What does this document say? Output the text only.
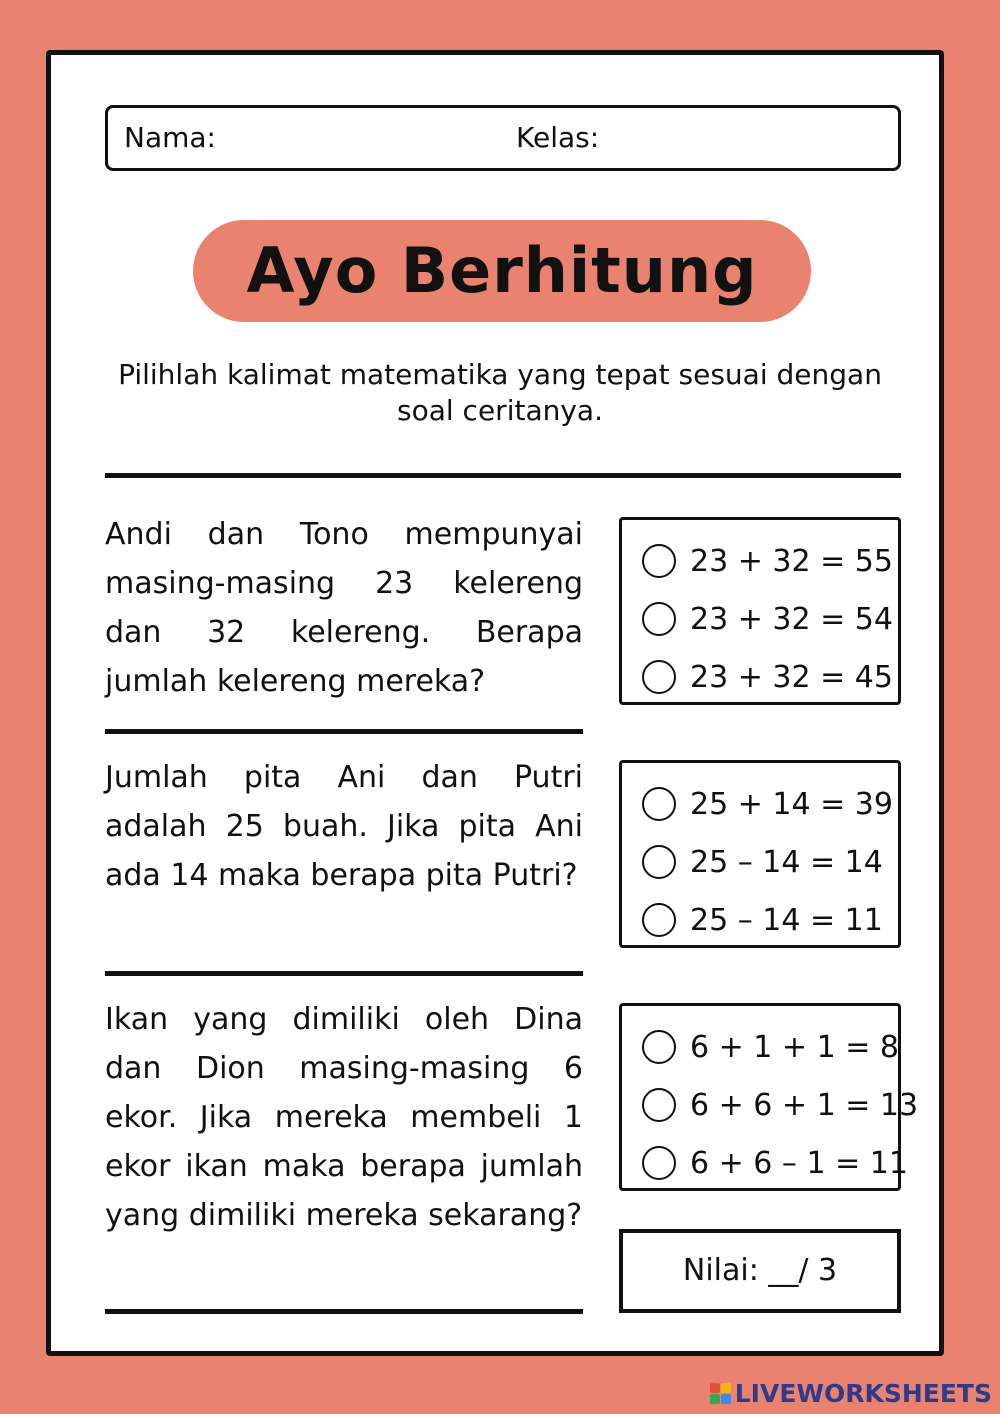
Nama:	Kelas:
Ayo Berhitung
Pilihlah kalimat matematika yang tepat sesuai dengan soal ceritanya.
Andi dan Tono mempunyai masing-masing 23 kelereng dan 32 kelereng. Berapa jumlah kelereng mereka?
23 + 32 = 55
23 + 32 = 54
23 + 32 = 45
Jumlah pita Ani dan Putri adalah 25 buah. Jika pita Ani ada 14 maka berapa pita Putri?
25 + 14 = 39
25 – 14 = 14
25 – 14 = 11
Ikan yang dimiliki oleh Dina dan Dion masing-masing 6 ekor. Jika mereka membeli 1 ekor ikan maka berapa jumlah yang dimiliki mereka sekarang?
6 + 1 + 1 = 8
6 + 6 + 1 = 13
6 + 6 – 1 = 11
Nilai: __/ 3
LIVEWORKSHEETS
